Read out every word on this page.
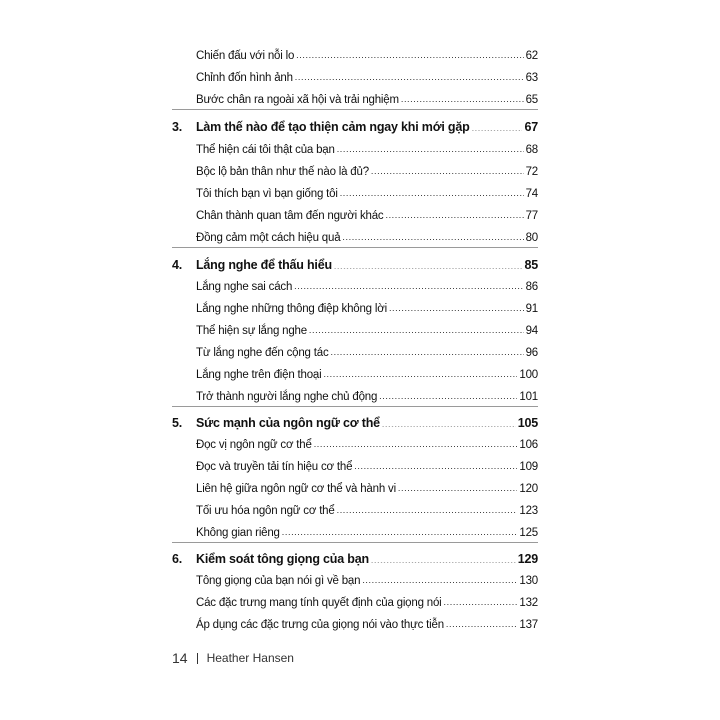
Chiến đấu với nỗi lo .....	62
Chỉnh đốn hình ảnh .....	63
Bước chân ra ngoài xã hội và trải nghiệm .....	65
3.	Làm thế nào để tạo thiện cảm ngay khi mới gặp .....	67
Thể hiện cái tôi thật của bạn .....	68
Bộc lộ bản thân như thế nào là đủ? .....	72
Tôi thích bạn vì bạn giống tôi .....	74
Chân thành quan tâm đến người khác .....	77
Đồng cảm một cách hiệu quả .....	80
4.	Lắng nghe để thấu hiểu .....	85
Lắng nghe sai cách .....	86
Lắng nghe những thông điệp không lời .....	91
Thể hiện sự lắng nghe .....	94
Từ lắng nghe đến cộng tác .....	96
Lắng nghe trên điện thoại .....	100
Trở thành người lắng nghe chủ động .....	101
5.	Sức mạnh của ngôn ngữ cơ thể .....	105
Đọc vị ngôn ngữ cơ thể .....	106
Đọc và truyền tải tín hiệu cơ thể .....	109
Liên hệ giữa ngôn ngữ cơ thể và hành vi .....	120
Tối ưu hóa ngôn ngữ cơ thể .....	123
Không gian riêng .....	125
6.	Kiểm soát tông giọng của bạn .....	129
Tông giọng của bạn nói gì về bạn .....	130
Các đặc trưng mang tính quyết định của giọng nói .....	132
Áp dụng các đặc trưng của giọng nói vào thực tiễn .....	137
14 Heather Hansen
